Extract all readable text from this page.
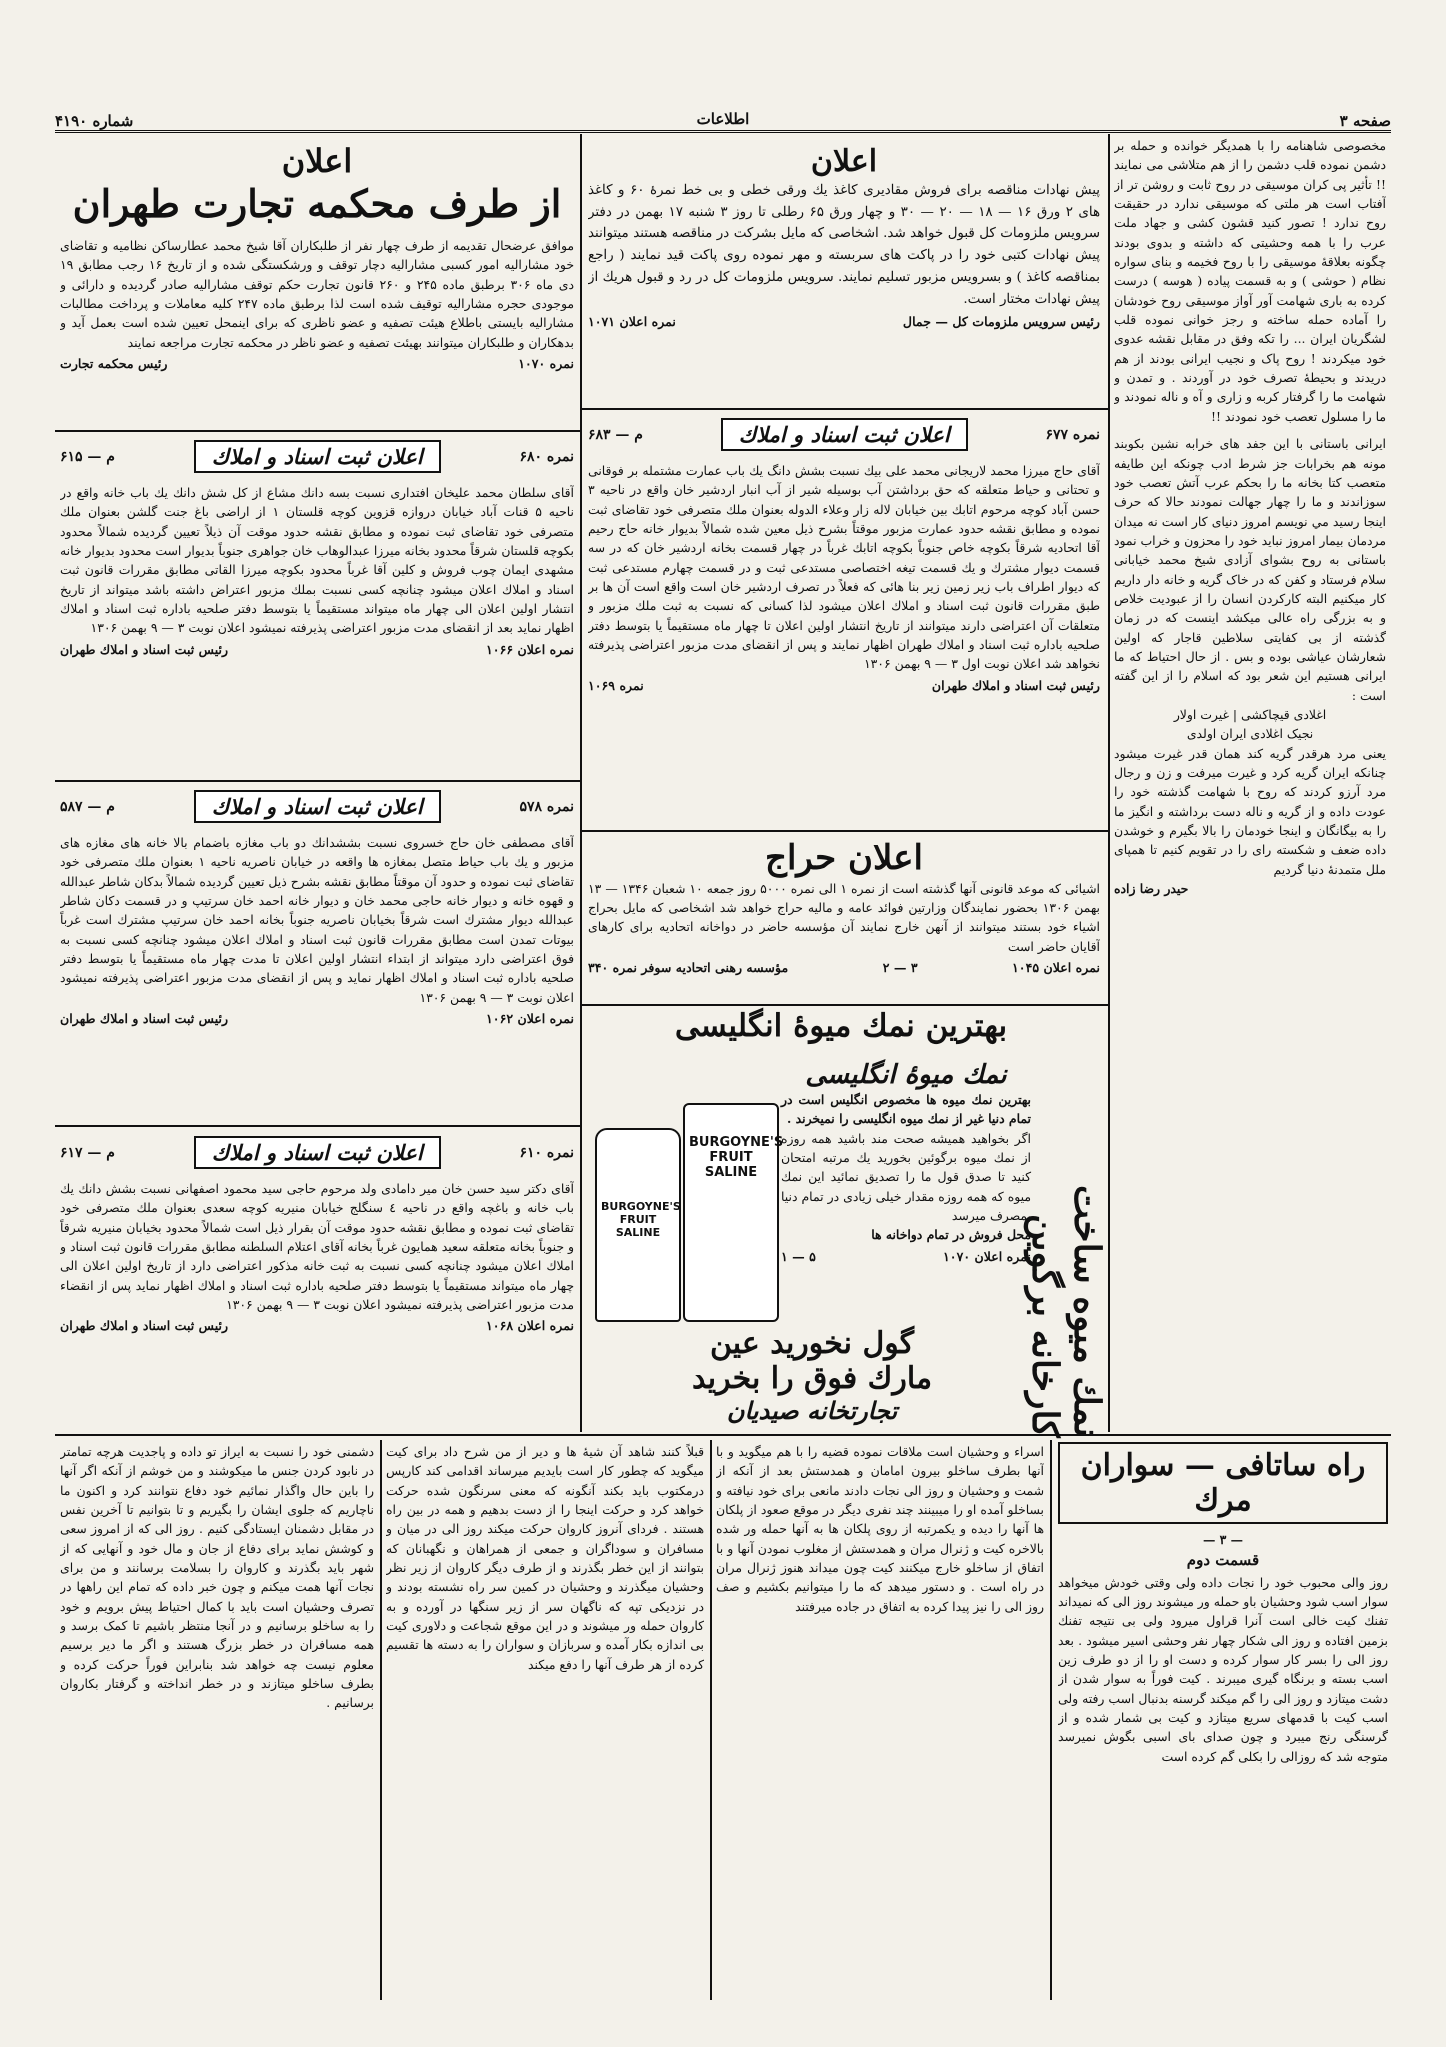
صفحه ۳
اطلاعات
شماره ۴۱۹۰

مخصوصی شاهنامه را با همدیگر خوانده و حمله بر دشمن نموده قلب دشمن را از هم متلاشی می نمایند !! تأثیر پی کران موسیقی در روح ثابت و روشن تر از آفتاب است هر ملتی که موسیقی ندارد در حقیقت روح ندارد ! تصور کنید قشون کشی و جهاد ملت عرب را با همه وحشیتی که داشته و بدوی بودند چگونه بعلاقهٔ موسیقی را با روح فخیمه و بنای سواره نظام ( حوشی ) و به قسمت پیاده ( هوسه ) درست کرده به باری شهامت آور آواز موسیقی روح خودشان را آماده حمله ساخته و رجز خوانی نموده قلب لشگریان ایران ... را تکه وفق در مقابل نقشه عدوی خود میکردند ! روح پاک و نجیب ایرانی بودند از هم دریدند و بحیطهٔ تصرف خود در آوردند . و تمدن و شهامت ما را گرفتار کربه و زاری و آه و ناله نمودند و ما را مسلول تعصب خود نمودند !!

ایرانی باستانی با این جفد های خرابه نشین بکوبند مونه هم بخرابات جز شرط ادب چونکه این طایفه متعصب کتا بخانه ما را بحکم عرب آتش تعصب خود سوزاندند و ما را چهار جهالت نمودند حالا که حرف اینجا رسید مي نویسم امروز دنیای کار است نه میدان مردمان بیمار امروز نباید خود را محزون و خراب نمود باستانی به روح بشوای آزادی شیخ محمد خیابانی سلام فرستاد و کفن که در خاک گریه و خانه دار داریم کار میکنیم البته کارکردن انسان را از عبودیت خلاص و به بزرگی راه عالی میکشد اینست که در زمان گذشته از بی کفایتی سلاطین قاجار که اولین شعارشان عیاشی بوده و بس . از حال احتیاط که ما ایرانی هستیم این شعر بود که اسلام را از این گفته است :

اغلادی قیچاکشی | غیرت اولار

نجیک اغلادی ایران اولدی

یعنی مرد هرقدر گریه کند همان قدر غیرت میشود چنانکه ایران گریه کرد و غیرت میرفت و زن و رجال مرد آرزو کردند که روح با شهامت گذشته خود را عودت داده و از گریه و ناله دست برداشته و انگیز ما را به بیگانگان و اینجا خودمان را بالا بگیرم و خوشدن داده ضعف و شکسته رای را در تقویم کنیم تا همپای ملل متمدنهٔ دنیا گردیم

حیدر رضا زاده

اعلان

پیش نهادات مناقصه برای فروش مقادیری کاغذ یك ورقی خطی و بی خط نمرهٔ ۶۰ و کاغذ های ۲ ورق ۱۶ — ۱۸ — ۲۰ — ۳۰ و چهار ورق ۶۵ رطلی تا روز ۳ شنبه ۱۷ بهمن در دفتر سرویس ملزومات کل قبول خواهد شد. اشخاصی که مایل بشرکت در مناقصه هستند میتوانند پیش نهادات کتبی خود را در پاکت های سربسته و مهر نموده روی پاکت قید نمایند ( راجع بمناقصه کاغذ ) و بسرویس مزبور تسلیم نمایند. سرویس ملزومات کل در رد و قبول هریك از پیش نهادات مختار است.

رئیس سرویس ملزومات کل — جمال
نمره اعلان ۱۰۷۱
نمره ۶۷۷
اعلان ثبت اسناد و املاك
م — ۶۸۳

آقای حاج میرزا محمد لاریجانی محمد علی بیك نسبت بشش دانگ یك باب عمارت مشتمله بر فوقانی و تحتانی و حیاط متعلقه که حق برداشتن آب بوسیله شیر از آب انبار اردشیر خان واقع در ناحیه ۳ حسن آباد کوچه مرحوم اتابك بین خیابان لاله زار وعلاء الدوله بعنوان ملك متصرفی خود تقاضای ثبت نموده و مطابق نقشه حدود عمارت مزبور موقتاً بشرح ذیل معین شده شمالاً بدیوار خانه حاج رحیم آقا اتحادیه شرقاً بکوچه خاص جنوباً بکوچه اتابك غرباً در چهار قسمت بخانه اردشیر خان که در سه قسمت دیوار مشترك و یك قسمت تیغه اختصاصی مستدعی ثبت و در قسمت چهارم مستدعی ثبت که دیوار اطراف باب زیر زمین زیر بنا هائی که فعلاً در تصرف اردشیر خان است واقع است آن ها بر طبق مقررات قانون ثبت اسناد و املاك اعلان میشود لذا کسانی که نسبت به ثبت ملك مزبور و متعلقات آن اعتراضی دارند میتوانند از تاریخ انتشار اولین اعلان تا چهار ماه مستقیماً یا بتوسط دفتر صلحیه باداره ثبت اسناد و املاك طهران اظهار نمایند و پس از انقضای مدت مزبور اعتراضی پذیرفته نخواهد شد اعلان نوبت اول ۳ — ۹ بهمن ۱۳۰۶

رئیس ثبت اسناد و املاك طهران
نمره ۱۰۶۹

اعلان حراج

اشیائی که موعد قانونی آنها گذشته است از نمره ۱ الی نمره ۵۰۰۰ روز جمعه ۱۰ شعبان ۱۳۴۶ — ۱۳ بهمن ۱۳۰۶ بحضور نمایندگان وزارتین فوائد عامه و مالیه حراج خواهد شد اشخاصی که مایل بحراج اشیاء خود بستند میتوانند از آنهن خارج نمایند آن مؤسسه حاضر در دواخانه اتحادیه برای کارهای آقایان حاضر است

نمره اعلان ۱۰۴۵
۳ — ۲
مؤسسه رهنی اتحادیه سوفر نمره ۳۴۰

بهترین نمك میوهٔ انگلیسی

نمك میوه ساخت كارخانه برگوین

نمك میوهٔ انگلیسی

بهترین نمك میوه ها مخصوص انگلیس است در تمام دنیا غیر از نمك میوه انگلیسی را نمیخرند .

اگر بخواهید همیشه صحت مند باشید همه روزه از نمك میوه برگوئین بخورید یك مرتبه امتحان کنید تا صدق قول ما را تصدیق نمائید این نمك میوه که همه روزه مقدار خیلی زیادی در تمام دنیا بمصرف میرسد

محل فروش در تمام دواخانه ها

نمره اعلان ۱۰۷۰
۵ — ۱
BURGOYNE'S
FRUIT SALINE
BURGOYNE'S
FRUIT
SALINE
گول نخورید عین
مارك فوق را بخرید
تجارتخانه صیدیان

اعلان

از طرف محکمه تجارت طهران

موافق عرضحال تقدیمه از طرف چهار نفر از طلبکاران آقا شیخ محمد عطارساکن نظامیه و تقاضای خود مشارالیه امور کسبی مشارالیه دچار توقف و ورشکستگی شده و از تاریخ ۱۶ رجب مطابق ۱۹ دی ماه ۳۰۶ برطبق ماده ۲۴۵ و ۲۶۰ قانون تجارت حکم توقف مشارالیه صادر گردیده و دارائی و موجودی حجره مشارالیه توقیف شده است لذا برطبق ماده ۲۴۷ کلیه معاملات و پرداخت مطالبات مشارالیه بایستی باطلاع هیئت تصفیه و عضو ناظری که برای اینمحل تعیین شده است بعمل آید و بدهکاران و طلبکاران میتوانند بهیئت تصفیه و عضو ناظر در محکمه تجارت مراجعه نمایند

نمره ۱۰۷۰
رئیس محکمه تجارت
نمره ۶۸۰
اعلان ثبت اسناد و املاك
م — ۶۱۵

آقای سلطان محمد علیخان افتداری نسبت بسه دانك مشاع از کل شش دانك یك باب خانه واقع در ناحیه ۵ قنات آباد خیابان دروازه قزوین کوچه قلستان ۱ از اراضی باغ جنت گلشن بعنوان ملك متصرفی خود تقاضای ثبت نموده و مطابق نقشه حدود موقت آن ذیلاً تعیین گردیده شمالاً محدود بکوچه قلستان شرقاً محدود بخانه میرزا عبدالوهاب خان جواهری جنوباً بدیوار است محدود بدیوار خانه مشهدی ایمان چوب فروش و کلین آقا غرباً محدود بکوچه میرزا القاتی مطابق مقررات قانون ثبت اسناد و املاك اعلان میشود چنانچه کسی نسبت بملك مزبور اعتراض داشته باشد میتواند از تاریخ انتشار اولین اعلان الی چهار ماه میتواند مستقیماً یا بتوسط دفتر صلحیه باداره ثبت اسناد و املاك اظهار نماید بعد از انقضای مدت مزبور اعتراضی پذیرفته نمیشود اعلان نوبت ۳ — ۹ بهمن ۱۳۰۶

نمره اعلان ۱۰۶۶
رئیس ثبت اسناد و املاك طهران
نمره ۵۷۸
اعلان ثبت اسناد و املاك
م — ۵۸۷

آقای مصطفی خان حاج خسروی نسبت بششدانك دو باب مغازه باضمام بالا خانه های مغازه های مزبور و یك باب حیاط متصل بمغازه ها واقعه در خیابان ناصریه ناحیه ۱ بعنوان ملك متصرفی خود تقاضای ثبت نموده و حدود آن موقتاً مطابق نقشه بشرح ذیل تعیین گردیده شمالاً بدکان شاطر عبدالله و قهوه خانه و دیوار خانه حاجی محمد خان و دیوار خانه احمد خان سرتیپ و در قسمت دکان شاطر عبدالله دیوار مشترك است شرقاً بخیابان ناصریه جنوباً بخانه احمد خان سرتیپ مشترك است غرباً بیوتات تمدن است مطابق مقررات قانون ثبت اسناد و املاك اعلان میشود چنانچه کسی نسبت به فوق اعتراضی دارد میتواند از ابتداء انتشار اولین اعلان تا مدت چهار ماه مستقیماً یا بتوسط دفتر صلحیه باداره ثبت اسناد و املاك اظهار نماید و پس از انقضای مدت مزبور اعتراضی پذیرفته نمیشود اعلان نوبت ۳ — ۹ بهمن ۱۳۰۶

نمره اعلان ۱۰۶۲
رئیس ثبت اسناد و املاك طهران
نمره ۶۱۰
اعلان ثبت اسناد و املاك
م — ۶۱۷

آقای دکتر سید حسن خان میر دامادی ولد مرحوم حاجی سید محمود اصفهانی نسبت بشش دانك یك باب خانه و باغچه واقع در ناحیه ٤ سنگلج خیابان منیریه کوچه سعدی بعنوان ملك متصرفی خود تقاضای ثبت نموده و مطابق نقشه حدود موقت آن بقرار ذیل است شمالاً محدود بخیابان منیریه شرقاً و جنوباً بخانه متعلقه سعید همایون غرباً بخانه آقای اعتلام السلطنه مطابق مقررات قانون ثبت اسناد و املاك اعلان میشود چنانچه کسی نسبت به ثبت خانه مذکور اعتراضی دارد از تاریخ اولین اعلان الی چهار ماه میتواند مستقیماً یا بتوسط دفتر صلحیه باداره ثبت اسناد و املاك اظهار نماید پس از انقضاء مدت مزبور اعتراضی پذیرفته نمیشود اعلان نوبت ۳ — ۹ بهمن ۱۳۰۶

نمره اعلان ۱۰۶۸
رئیس ثبت اسناد و املاك طهران

راه ساتافی — سواران مرك

— ۳ —

قسمت دوم

روز والی محبوب خود را نجات داده ولی وقتی خودش میخواهد سوار اسب شود وحشیان باو حمله ور میشوند روز الی که نمیداند تفنك کیت خالی است آنرا قراول میرود ولی بی نتیجه تفنك بزمین افتاده و روز الی شکار چهار نفر وحشی اسیر میشود . بعد روز الی را بسر کار سوار کرده و دست او را از دو طرف زین اسب بسته و برنگاه گیری میبرند . کیت فوراً به سوار شدن از دشت میتازد و روز الی را گم میکند گرسنه بدنبال اسب رفته ولی اسب کیت با قدمهای سریع میتازد و کیت بی شمار شده و از گرسنگی رنج میبرد و چون صدای بای اسبی بگوش نمیرسد متوجه شد که روزالی را بکلی گم کرده است

اسراء و وحشیان است ملاقات نموده قضیه را با هم میگوید و با آنها بطرف ساخلو بیرون امامان و همدستش بعد از آنکه از شمت و وحشیان و روز الی نجات دادند مانعی برای خود نیافته و بساخلو آمده او را میبینند چند نفری دیگر در موقع صعود از پلکان ها آنها را دیده و یکمرتبه از روی پلکان ها به آنها حمله ور شده بالاخره کیت و ژنرال مران و همدستش از مغلوب نمودن آنها و با اتفاق از ساخلو خارج میکنند کیت چون میداند هنوز ژنرال مران در راه است . و دستور میدهد که ما را میتوانیم بکشیم و صف روز الی را نیز پیدا کرده به اتفاق در جاده میرفتند

قبلاً کنند شاهد آن شیهٔ ها و دیر از من شرح داد برای کیت میگوید که چطور کار است بایدیم میرساند اقدامی کند کارپس درمکتوب باید بکند آنگونه که معنی سرنگون شده حرکت خواهد کرد و حرکت اینجا را از دست بدهیم و همه در بین راه هستند . فردای آنروز کاروان حرکت میکند روز الی در میان و مسافران و سوداگران و جمعی از همراهان و نگهبانان که بتوانند از این خطر بگذرند و از طرف دیگر کاروان از زیر نظر وحشیان میگذرند و وحشیان در کمین سر راه نشسته بودند و در نزدیکی تپه که ناگهان سر از زیر سنگها در آورده و به کاروان حمله ور میشوند و در این موقع شجاعت و دلاوری کیت بی اندازه بکار آمده و سربازان و سواران را به دسته ها تقسیم کرده از هر طرف آنها را دفع میکند

دشمنی خود را نسبت به ایراز تو داده و پاجدیت هرچه تمامتر در نابود کردن جنس ما میکوشند و من خوشم از آنکه اگر آنها را باین حال واگذار نمائیم خود دفاع نتوانند کرد و اکنون ما ناچاریم که جلوی ایشان را بگیریم و تا بتوانیم تا آخرین نفس در مقابل دشمنان ایستادگی کنیم . روز الی که از امروز سعی و کوشش نماید برای دفاع از جان و مال خود و آنهایی که از شهر باید بگذرند و کاروان را بسلامت برسانند و من برای نجات آنها همت میکنم و چون خبر داده که تمام این راهها در تصرف وحشیان است باید با کمال احتیاط پیش برویم و خود را به ساخلو برسانیم و در آنجا منتظر باشیم تا کمک برسد و همه مسافران در خطر بزرگ هستند و اگر ما دیر برسیم معلوم نیست چه خواهد شد بنابراین فوراً حرکت کرده و بطرف ساخلو میتازند و در خطر انداخته و گرفتار بکاروان برسانیم .
